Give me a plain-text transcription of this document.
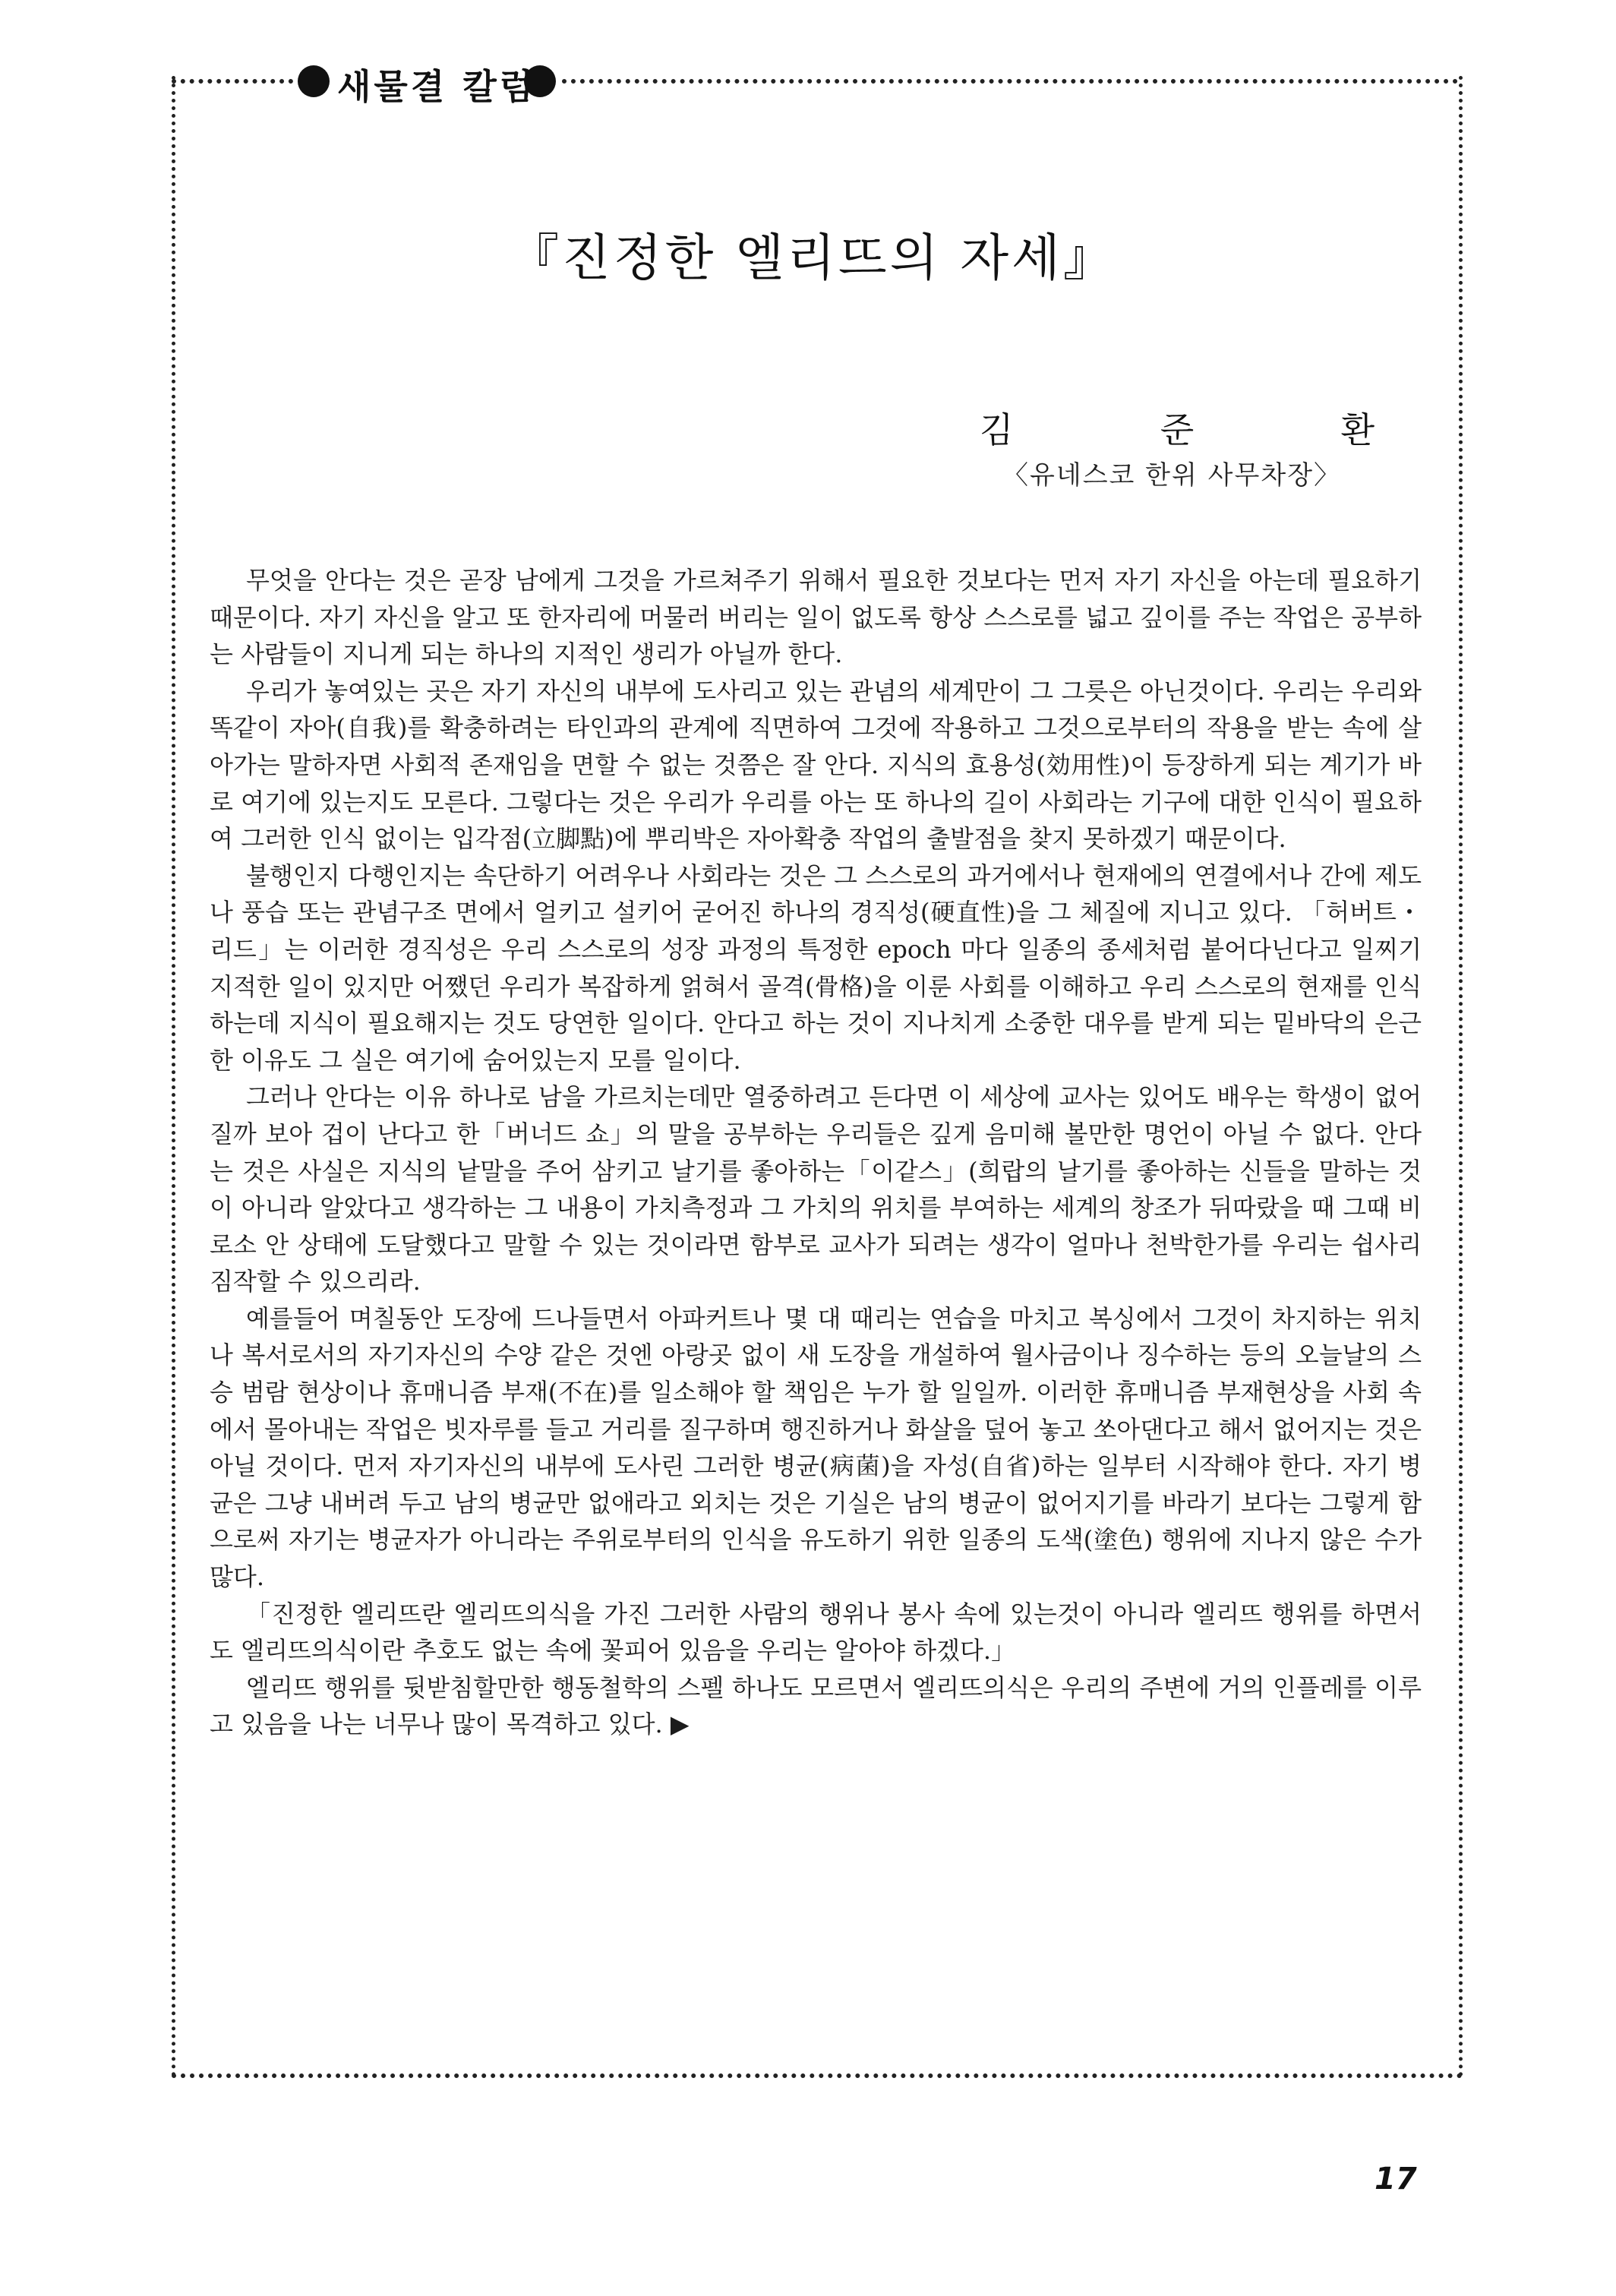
새물결 칼럼
『진정한 엘리뜨의 자세』
김	준	환
〈유네스코 한위 사무차장〉

무엇을 안다는 것은 곧장 남에게 그것을 가르쳐주기 위해서 필요한 것보다는 먼저 자기 자신을 아는데 필요하기 때문이다. 자기 자신을 알고 또 한자리에 머물러 버리는 일이 없도록 항상 스스로를 넓고 깊이를 주는 작업은 공부하는 사람들이 지니게 되는 하나의 지적인 생리가 아닐까 한다.

우리가 놓여있는 곳은 자기 자신의 내부에 도사리고 있는 관념의 세계만이 그 그릇은 아닌것이다. 우리는 우리와 똑같이 자아(自我)를 확충하려는 타인과의 관계에 직면하여 그것에 작용하고 그것으로부터의 작용을 받는 속에 살아가는 말하자면 사회적 존재임을 면할 수 없는 것쯤은 잘 안다. 지식의 효용성(効用性)이 등장하게 되는 계기가 바로 여기에 있는지도 모른다. 그렇다는 것은 우리가 우리를 아는 또 하나의 길이 사회라는 기구에 대한 인식이 필요하여 그러한 인식 없이는 입각점(立脚點)에 뿌리박은 자아확충 작업의 출발점을 찾지 못하겠기 때문이다.

불행인지 다행인지는 속단하기 어려우나 사회라는 것은 그 스스로의 과거에서나 현재에의 연결에서나 간에 제도나 풍습 또는 관념구조 면에서 얼키고 설키어 굳어진 하나의 경직성(硬直性)을 그 체질에 지니고 있다. 「허버트・리드」는 이러한 경직성은 우리 스스로의 성장 과정의 특정한 epoch 마다 일종의 종세처럼 붙어다닌다고 일찌기 지적한 일이 있지만 어쨌던 우리가 복잡하게 얽혀서 골격(骨格)을 이룬 사회를 이해하고 우리 스스로의 현재를 인식하는데 지식이 필요해지는 것도 당연한 일이다. 안다고 하는 것이 지나치게 소중한 대우를 받게 되는 밑바닥의 은근한 이유도 그 실은 여기에 숨어있는지 모를 일이다.

그러나 안다는 이유 하나로 남을 가르치는데만 열중하려고 든다면 이 세상에 교사는 있어도 배우는 학생이 없어질까 보아 겁이 난다고 한「버너드 쇼」의 말을 공부하는 우리들은 깊게 음미해 볼만한 명언이 아닐 수 없다. 안다는 것은 사실은 지식의 낱말을 주어 삼키고 날기를 좋아하는「이같스」(희랍의 날기를 좋아하는 신들을 말하는 것이 아니라 알았다고 생각하는 그 내용이 가치측정과 그 가치의 위치를 부여하는 세계의 창조가 뒤따랐을 때 그때 비로소 안 상태에 도달했다고 말할 수 있는 것이라면 함부로 교사가 되려는 생각이 얼마나 천박한가를 우리는 쉽사리 짐작할 수 있으리라.

예를들어 며칠동안 도장에 드나들면서 아파커트나 몇 대 때리는 연습을 마치고 복싱에서 그것이 차지하는 위치나 복서로서의 자기자신의 수양 같은 것엔 아랑곳 없이 새 도장을 개설하여 월사금이나 징수하는 등의 오늘날의 스승 범람 현상이나 휴매니즘 부재(不在)를 일소해야 할 책임은 누가 할 일일까. 이러한 휴매니즘 부재현상을 사회 속에서 몰아내는 작업은 빗자루를 들고 거리를 질구하며 행진하거나 화살을 덮어 놓고 쏘아댄다고 해서 없어지는 것은 아닐 것이다. 먼저 자기자신의 내부에 도사린 그러한 병균(病菌)을 자성(自省)하는 일부터 시작해야 한다. 자기 병균은 그냥 내버려 두고 남의 병균만 없애라고 외치는 것은 기실은 남의 병균이 없어지기를 바라기 보다는 그렇게 함으로써 자기는 병균자가 아니라는 주위로부터의 인식을 유도하기 위한 일종의 도색(塗色) 행위에 지나지 않은 수가 많다.

「진정한 엘리뜨란 엘리뜨의식을 가진 그러한 사람의 행위나 봉사 속에 있는것이 아니라 엘리뜨 행위를 하면서도 엘리뜨의식이란 추호도 없는 속에 꽃피어 있음을 우리는 알아야 하겠다.」

엘리뜨 행위를 뒷받침할만한 행동철학의 스펠 하나도 모르면서 엘리뜨의식은 우리의 주변에 거의 인플레를 이루고 있음을 나는 너무나 많이 목격하고 있다. ▶

17
